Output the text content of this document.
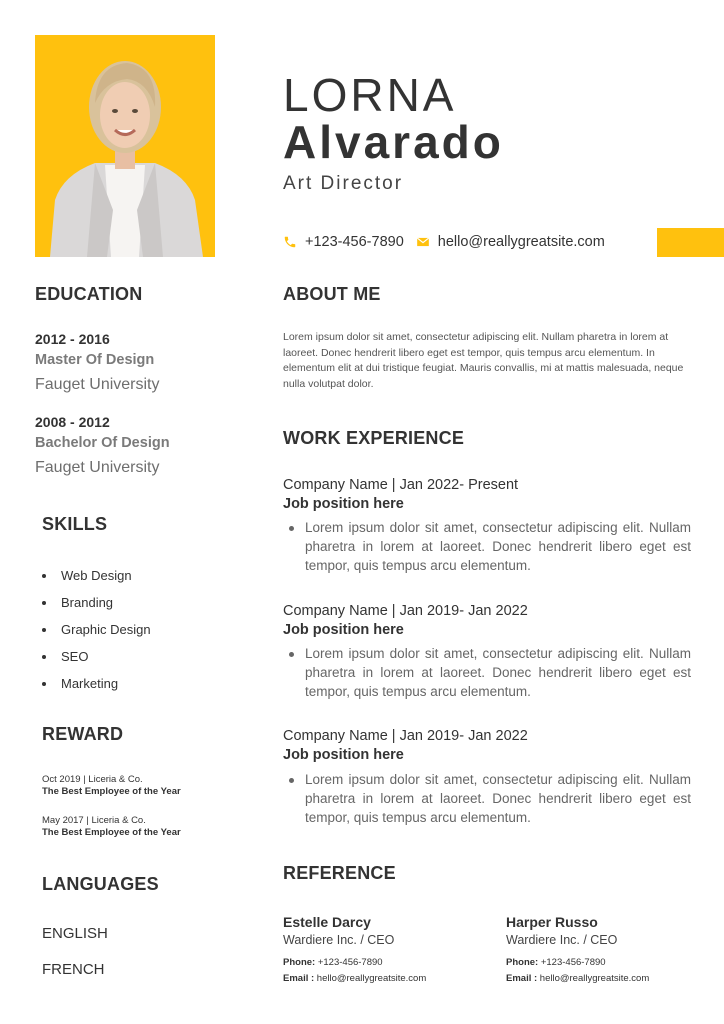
LORNA
Alvarado
Art Director
+123-456-7890 hello@reallygreatsite.com
EDUCATION
2012 - 2016
Master Of Design
Fauget University
2008 - 2012
Bachelor Of Design
Fauget University
SKILLS
Web Design
Branding
Graphic Design
SEO
Marketing
REWARD
Oct 2019 | Liceria & Co.
The Best Employee of the Year
May 2017 | Liceria & Co.
The Best Employee of the Year
LANGUAGES
ENGLISH
FRENCH
ABOUT ME
Lorem ipsum dolor sit amet, consectetur adipiscing elit. Nullam pharetra in lorem at laoreet. Donec hendrerit libero eget est tempor, quis tempus arcu elementum. In elementum elit at dui tristique feugiat. Mauris convallis, mi at mattis malesuada, neque nulla volutpat dolor.
WORK EXPERIENCE
Company Name | Jan 2022- Present
Job position here
Lorem ipsum dolor sit amet, consectetur adipiscing elit. Nullam pharetra in lorem at laoreet. Donec hendrerit libero eget est tempor, quis tempus arcu elementum.
Company Name | Jan 2019- Jan 2022
Job position here
Lorem ipsum dolor sit amet, consectetur adipiscing elit. Nullam pharetra in lorem at laoreet. Donec hendrerit libero eget est tempor, quis tempus arcu elementum.
Company Name | Jan 2019- Jan 2022
Job position here
Lorem ipsum dolor sit amet, consectetur adipiscing elit. Nullam pharetra in lorem at laoreet. Donec hendrerit libero eget est tempor, quis tempus arcu elementum.
REFERENCE
Estelle Darcy
Wardiere Inc. / CEO
Phone: +123-456-7890
Email : hello@reallygreatsite.com
Harper Russo
Wardiere Inc. / CEO
Phone: +123-456-7890
Email : hello@reallygreatsite.com
